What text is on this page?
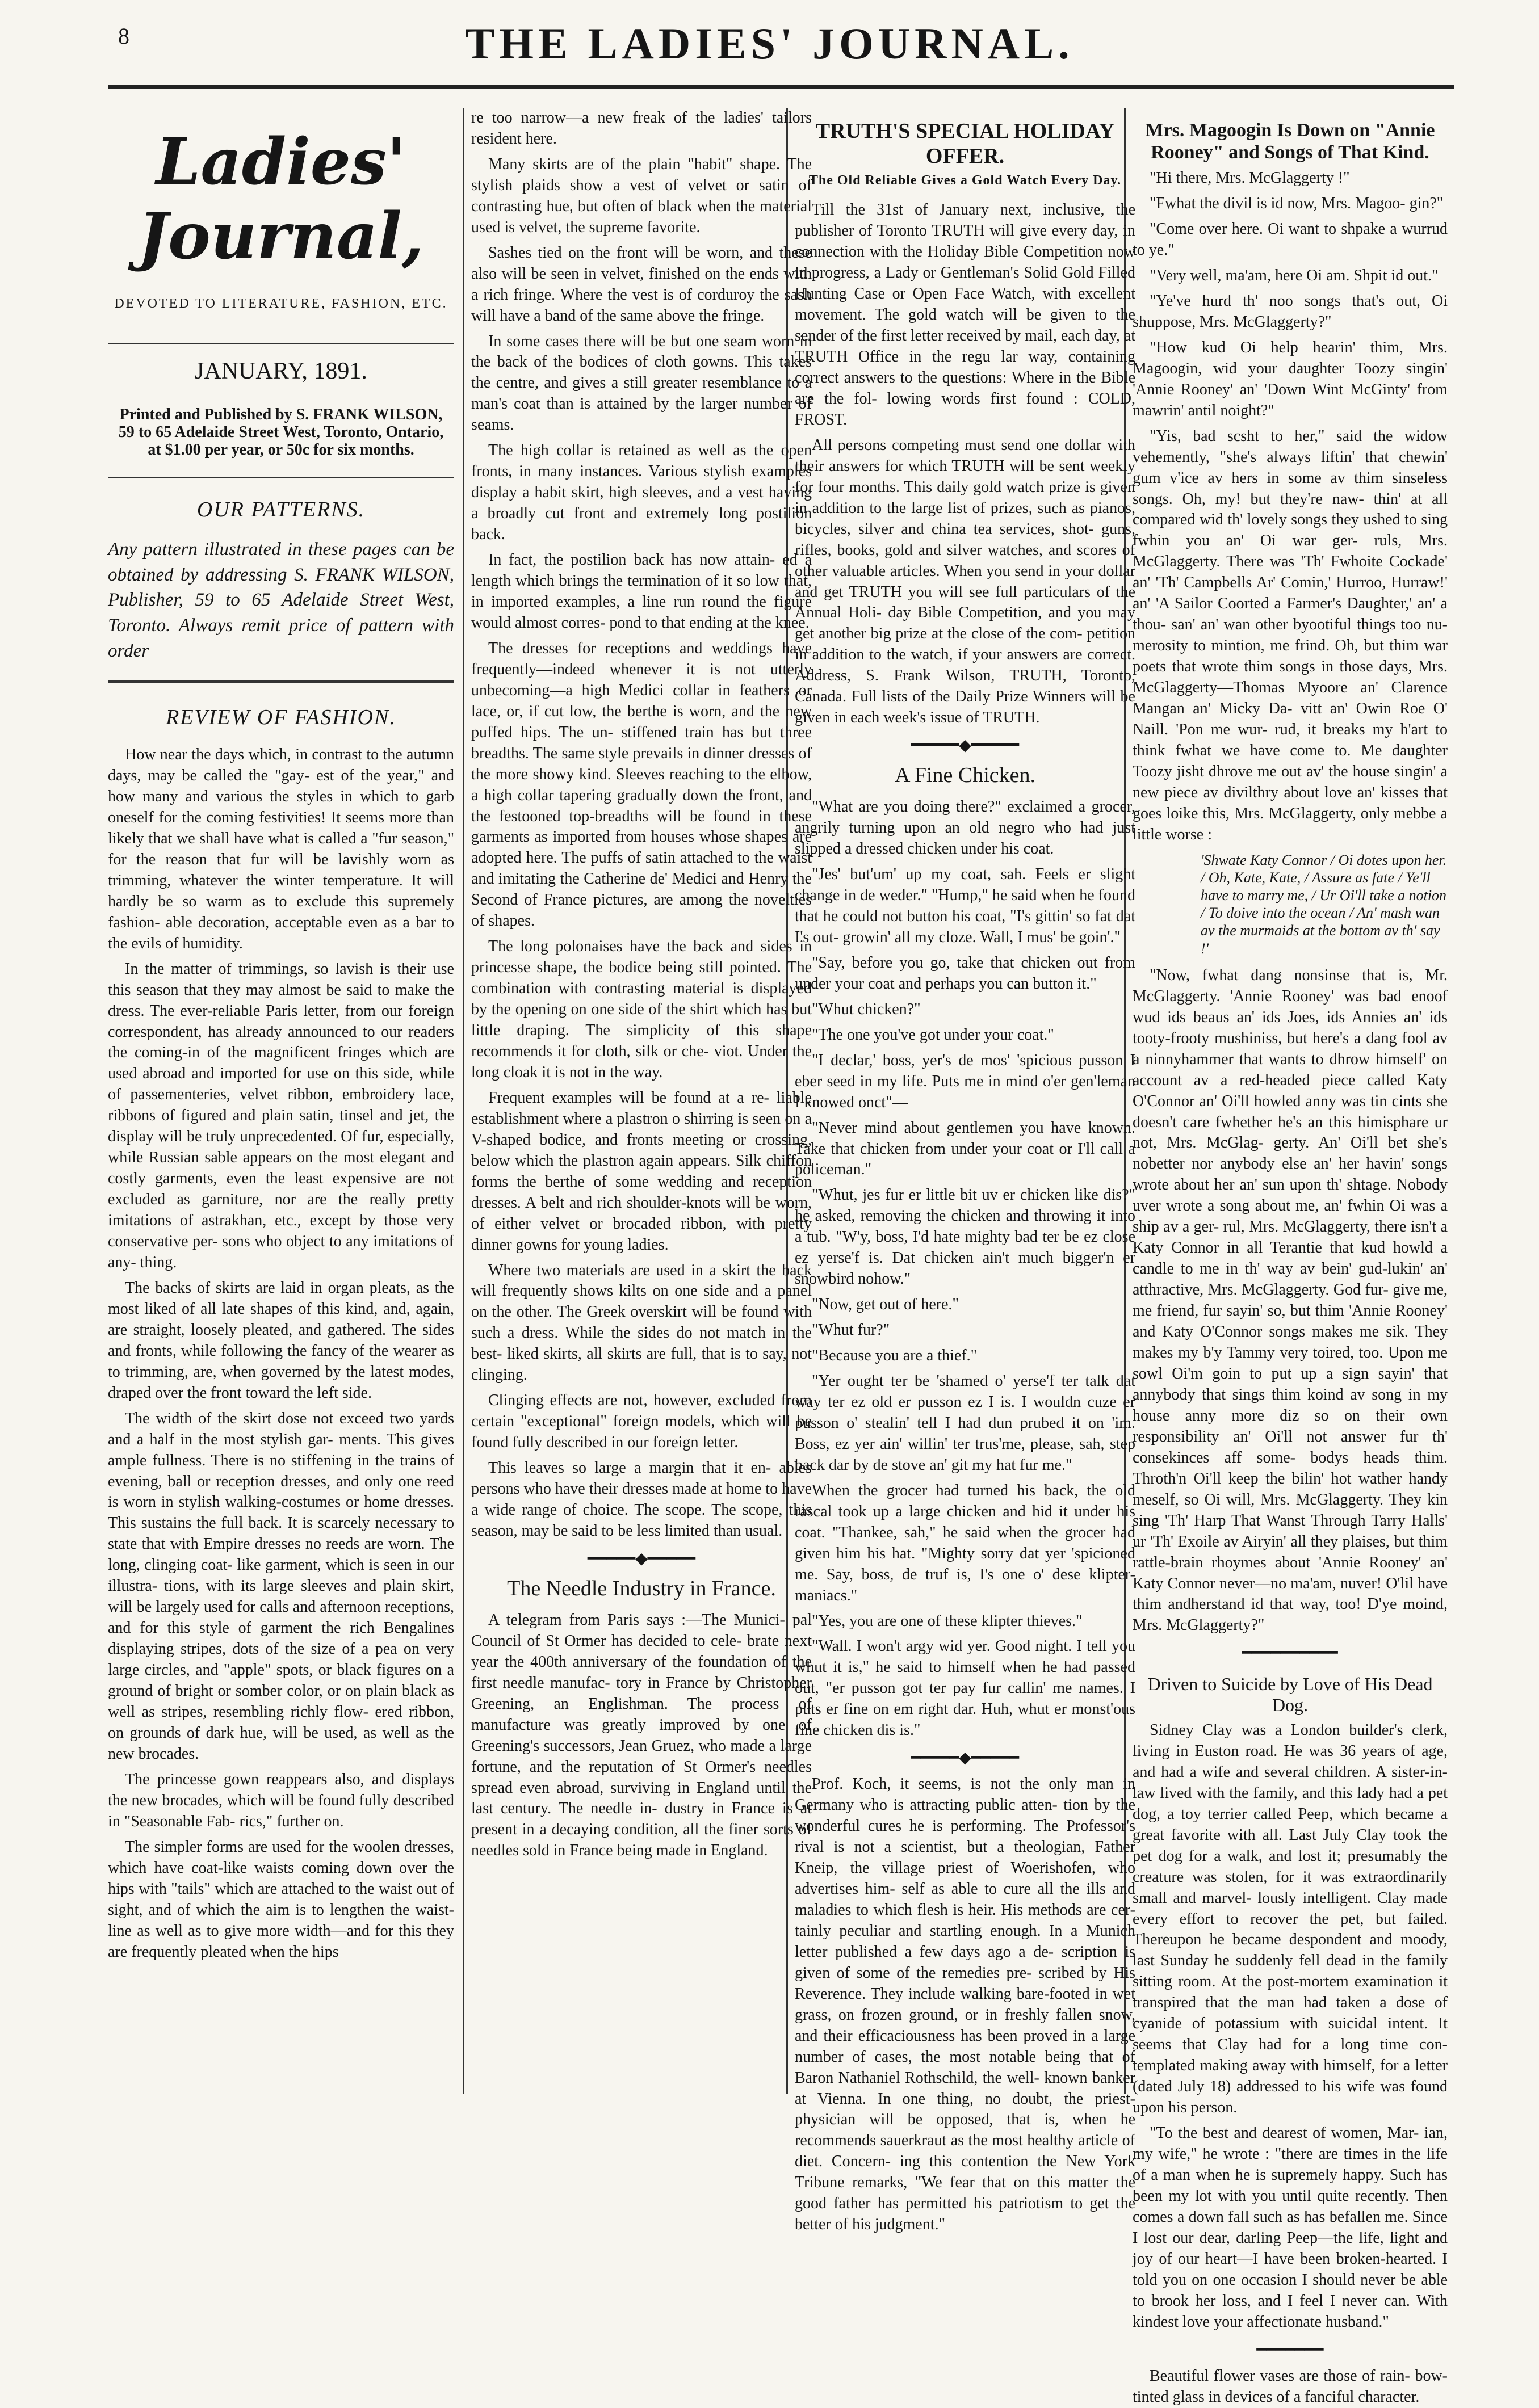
8	THE LADIES' JOURNAL.
Ladies' Journal,
DEVOTED TO LITERATURE, FASHION, ETC.
JANUARY, 1891.
Printed and Published by S. FRANK WILSON, 59 to 65 Adelaide Street West, Toronto, Ontario, at $1.00 per year, or 50c for six months.
OUR PATTERNS.
Any pattern illustrated in these pages can be obtained by addressing S. FRANK WILSON, Publisher, 59 to 65 Adelaide Street West, Toronto. Always remit price of pattern with order
REVIEW OF FASHION.

How near the days which, in contrast to the autumn days, may be called the "gay- est of the year," and how many and various the styles in which to garb oneself for the coming festivities! It seems more than likely that we shall have what is called a "fur season," for the reason that fur will be lavishly worn as trimming, whatever the winter temperature. It will hardly be so warm as to exclude this supremely fashion- able decoration, acceptable even as a bar to the evils of humidity.

In the matter of trimmings, so lavish is their use this season that they may almost be said to make the dress. The ever-reliable Paris letter, from our foreign correspondent, has already announced to our readers the coming-in of the magnificent fringes which are used abroad and imported for use on this side, while of passementeries, velvet ribbon, embroidery lace, ribbons of figured and plain satin, tinsel and jet, the display will be truly unprecedented. Of fur, especially, while Russian sable appears on the most elegant and costly garments, even the least expensive are not excluded as garniture, nor are the really pretty imitations of astrakhan, etc., except by those very conservative per- sons who object to any imitations of any- thing.

The backs of skirts are laid in organ pleats, as the most liked of all late shapes of this kind, and, again, are straight, loosely pleated, and gathered. The sides and fronts, while following the fancy of the wearer as to trimming, are, when governed by the latest modes, draped over the front toward the left side.

The width of the skirt dose not exceed two yards and a half in the most stylish gar- ments. This gives ample fullness. There is no stiffening in the trains of evening, ball or reception dresses, and only one reed is worn in stylish walking-costumes or home dresses. This sustains the full back. It is scarcely necessary to state that with Empire dresses no reeds are worn. The long, clinging coat- like garment, which is seen in our illustra- tions, with its large sleeves and plain skirt, will be largely used for calls and afternoon receptions, and for this style of garment the rich Bengalines displaying stripes, dots of the size of a pea on very large circles, and "apple" spots, or black figures on a ground of bright or somber color, or on plain black as well as stripes, resembling richly flow- ered ribbon, on grounds of dark hue, will be used, as well as the new brocades.

The princesse gown reappears also, and displays the new brocades, which will be found fully described in "Seasonable Fab- rics," further on.

The simpler forms are used for the woolen dresses, which have coat-like waists coming down over the hips with "tails" which are attached to the waist out of sight, and of which the aim is to lengthen the waist-line as well as to give more width—and for this they are frequently pleated when the hips

re too narrow—a new freak of the ladies' tailors resident here.

Many skirts are of the plain "habit" shape. The stylish plaids show a vest of velvet or satin of contrasting hue, but often of black when the material used is velvet, the supreme favorite.

Sashes tied on the front will be worn, and these also will be seen in velvet, finished on the ends with a rich fringe. Where the vest is of corduroy the sash will have a band of the same above the fringe.

In some cases there will be but one seam worn in the back of the bodices of cloth gowns. This takes the centre, and gives a still greater resemblance to a man's coat than is attained by the larger number of seams.

The high collar is retained as well as the open fronts, in many instances. Various stylish examples display a habit skirt, high sleeves, and a vest having a broadly cut front and extremely long postilion back.

In fact, the postilion back has now attain- ed a length which brings the termination of it so low that, in imported examples, a line run round the figure would almost corres- pond to that ending at the knee.

The dresses for receptions and weddings have frequently—indeed whenever it is not utterly unbecoming—a high Medici collar in feathers or lace, or, if cut low, the berthe is worn, and the new puffed hips. The un- stiffened train has but three breadths. The same style prevails in dinner dresses of the more showy kind. Sleeves reaching to the elbow, a high collar tapering gradually down the front, and the festooned top-breadths will be found in these garments as imported from houses whose shapes are adopted here. The puffs of satin attached to the waist and imitating the Catherine de' Medici and Henry the Second of France pictures, are among the novelties of shapes.

The long polonaises have the back and sides in princesse shape, the bodice being still pointed. The combination with contrasting material is displayed by the opening on one side of the shirt which has but little draping. The simplicity of this shape recommends it for cloth, silk or che- viot. Under the long cloak it is not in the way.

Frequent examples will be found at a re- liable establishment where a plastron o shirring is seen on a V-shaped bodice, and fronts meeting or crossing, below which the plastron again appears. Silk chiffon forms the berthe of some wedding and reception dresses. A belt and rich shoulder-knots will be worn, of either velvet or brocaded ribbon, with pretty dinner gowns for young ladies.

Where two materials are used in a skirt the back will frequently shows kilts on one side and a panel on the other. The Greek overskirt will be found with such a dress. While the sides do not match in the best- liked skirts, all skirts are full, that is to say, not clinging.

Clinging effects are not, however, excluded from certain "exceptional" foreign models, which will be found fully described in our foreign letter.

This leaves so large a margin that it en- ables persons who have their dresses made at home to have a wide range of choice. The scope. The scope, this season, may be said to be less limited than usual.

━━━━━◆━━━━━
The Needle Industry in France.

A telegram from Paris says :—The Munici- pal Council of St Ormer has decided to cele- brate next year the 400th anniversary of the foundation of the first needle manufac- tory in France by Christopher Greening, an Englishman. The process of manufacture was greatly improved by one of Greening's successors, Jean Gruez, who made a large fortune, and the reputation of St Ormer's needles spread even abroad, surviving in England until the last century. The needle in- dustry in France is at present in a decaying condition, all the finer sorts of needles sold in France being made in England.

TRUTH'S SPECIAL HOLIDAY OFFER.
The Old Reliable Gives a Gold Watch Every Day.

Till the 31st of January next, inclusive, the publisher of Toronto TRUTH will give every day, in connection with the Holiday Bible Competition now in progress, a Lady or Gentleman's Solid Gold Filled Hunting Case or Open Face Watch, with excellent movement. The gold watch will be given to the sender of the first letter received by mail, each day, at TRUTH Office in the regu lar way, containing correct answers to the questions: Where in the Bible are the fol- lowing words first found : COLD, FROST.

All persons competing must send one dollar with their answers for which TRUTH will be sent weekly for four months. This daily gold watch prize is given in addition to the large list of prizes, such as pianos, bicycles, silver and china tea services, shot- guns, rifles, books, gold and silver watches, and scores of other valuable articles. When you send in your dollar and get TRUTH you will see full particulars of the Annual Holi- day Bible Competition, and you may get another big prize at the close of the com- petition in addition to the watch, if your answers are correct. Address, S. Frank Wilson, TRUTH, Toronto, Canada. Full lists of the Daily Prize Winners will be given in each week's issue of TRUTH.

━━━━━◆━━━━━
A Fine Chicken.

"What are you doing there?" exclaimed a grocer, angrily turning upon an old negro who had just slipped a dressed chicken under his coat.

"Jes' but'um' up my coat, sah. Feels er slight change in de weder." "Hump," he said when he found that he could not button his coat, "I's gittin' so fat dat I's out- growin' all my cloze. Wall, I mus' be goin'."

"Say, before you go, take that chicken out from under your coat and perhaps you can button it."

"Whut chicken?"

"The one you've got under your coat."

"I declar,' boss, yer's de mos' 'spicious pusson I eber seed in my life. Puts me in mind o'er gen'leman I knowed onct"—

"Never mind about gentlemen you have known. Take that chicken from under your coat or I'll call a policeman."

"Whut, jes fur er little bit uv er chicken like dis?" he asked, removing the chicken and throwing it into a tub. "W'y, boss, I'd hate mighty bad ter be ez close ez yerse'f is. Dat chicken ain't much bigger'n er snowbird nohow."

"Now, get out of here."

"Whut fur?"

"Because you are a thief."

"Yer ought ter be 'shamed o' yerse'f ter talk dat way ter ez old er pusson ez I is. I wouldn cuze er pusson o' stealin' tell I had dun prubed it on 'im. Boss, ez yer ain' willin' ter trus'me, please, sah, step back dar by de stove an' git my hat fur me."

When the grocer had turned his back, the old rascal took up a large chicken and hid it under his coat. "Thankee, sah," he said when the grocer had given him his hat. "Mighty sorry dat yer 'spicioned me. Say, boss, de truf is, I's one o' dese klipter- maniacs."

"Yes, you are one of these klipter thieves."

"Wall. I won't argy wid yer. Good night. I tell you whut it is," he said to himself when he had passed out, "er pusson got ter pay fur callin' me names. I puts er fine on em right dar. Huh, whut er monst'ous fine chicken dis is."

━━━━━◆━━━━━

Prof. Koch, it seems, is not the only man in Germany who is attracting public atten- tion by the wonderful cures he is performing. The Professor's rival is not a scientist, but a theologian, Father Kneip, the village priest of Woerishofen, who advertises him- self as able to cure all the ills and maladies to which flesh is heir. His methods are cer- tainly peculiar and startling enough. In a Munich letter published a few days ago a de- scription is given of some of the remedies pre- scribed by His Reverence. They include walking bare-footed in wet grass, on frozen ground, or in freshly fallen snow, and their efficaciousness has been proved in a large number of cases, the most notable being that of Baron Nathaniel Rothschild, the well- known banker at Vienna. In one thing, no doubt, the priest-physician will be opposed, that is, when he recommends sauerkraut as the most healthy article of diet. Concern- ing this contention the New York Tribune remarks, "We fear that on this matter the good father has permitted his patriotism to get the better of his judgment."

Mrs. Magoogin Is Down on "Annie Rooney" and Songs of That Kind.

"Hi there, Mrs. McGlaggerty !"

"Fwhat the divil is id now, Mrs. Magoo- gin?"

"Come over here. Oi want to shpake a wurrud to ye."

"Very well, ma'am, here Oi am. Shpit id out."

"Ye've hurd th' noo songs that's out, Oi shuppose, Mrs. McGlaggerty?"

"How kud Oi help hearin' thim, Mrs. Magoogin, wid your daughter Toozy singin' 'Annie Rooney' an' 'Down Wint McGinty' from mawrin' antil noight?"

"Yis, bad scsht to her," said the widow vehemently, "she's always liftin' that chewin' gum v'ice av hers in some av thim sinseless songs. Oh, my! but they're naw- thin' at all compared wid th' lovely songs they ushed to sing fwhin you an' Oi war ger- ruls, Mrs. McGlaggerty. There was 'Th' Fwhoite Cockade' an' 'Th' Campbells Ar' Comin,' Hurroo, Hurraw!' an' 'A Sailor Coorted a Farmer's Daughter,' an' a thou- san' an' wan other byootiful things too nu- merosity to mintion, me frind. Oh, but thim war poets that wrote thim songs in those days, Mrs. McGlaggerty—Thomas Myoore an' Clarence Mangan an' Micky Da- vitt an' Owin Roe O' Naill. 'Pon me wur- rud, it breaks my h'art to think fwhat we have come to. Me daughter Toozy jisht dhrove me out av' the house singin' a new piece av divilthry about love an' kisses that goes loike this, Mrs. McGlaggerty, only mebbe a little worse :

'Shwate Katy Connor / Oi dotes upon her. / Oh, Kate, Kate, / Assure as fate / Ye'll have to marry me, / Ur Oi'll take a notion / To doive into the ocean / An' mash wan av the murmaids at the bottom av th' say !'

"Now, fwhat dang nonsinse that is, Mr. McGlaggerty. 'Annie Rooney' was bad enoof wud ids beaus an' ids Joes, ids Annies an' ids tooty-frooty mushiniss, but here's a dang fool av a ninnyhammer that wants to dhrow himself' on account av a red-headed piece called Katy O'Connor an' Oi'll howled anny was tin cints she doesn't care fwhether he's an this himisphare ur not, Mrs. McGlag- gerty. An' Oi'll bet she's nobetter nor anybody else an' her havin' songs wrote about her an' sun upon th' shtage. Nobody uver wrote a song about me, an' fwhin Oi was a ship av a ger- rul, Mrs. McGlaggerty, there isn't a Katy Connor in all Terantie that kud howld a candle to me in th' way av bein' gud-lukin' an' atthractive, Mrs. McGlaggerty. God fur- give me, me friend, fur sayin' so, but thim 'Annie Rooney' and Katy O'Connor songs makes me sik. They makes my b'y Tammy very toired, too. Upon me sowl Oi'm goin to put up a sign sayin' that annybody that sings thim koind av song in my house anny more diz so on their own responsibility an' Oi'll not answer fur th' consekinces aff some- bodys heads thim. Throth'n Oi'll keep the bilin' hot wather handy meself, so Oi will, Mrs. McGlaggerty. They kin sing 'Th' Harp That Wanst Through Tarry Halls' ur 'Th' Exoile av Airyin' all they plaises, but thim rattle-brain rhoymes about 'Annie Rooney' an' Katy Connor never—no ma'am, nuver! O'lil have thim andherstand id that way, too! D'ye moind, Mrs. McGlaggerty?"

━━━━━━━━━━
Driven to Suicide by Love of His Dead Dog.

Sidney Clay was a London builder's clerk, living in Euston road. He was 36 years of age, and had a wife and several children. A sister-in-law lived with the family, and this lady had a pet dog, a toy terrier called Peep, which became a great favorite with all. Last July Clay took the pet dog for a walk, and lost it; presumably the creature was stolen, for it was extraordinarily small and marvel- lously intelligent. Clay made every effort to recover the pet, but failed. Thereupon he became despondent and moody, last Sunday he suddenly fell dead in the family sitting room. At the post-mortem examination it transpired that the man had taken a dose of cyanide of potassium with suicidal intent. It seems that Clay had for a long time con- templated making away with himself, for a letter (dated July 18) addressed to his wife was found upon his person.

"To the best and dearest of women, Mar- ian, my wife," he wrote : "there are times in the life of a man when he is supremely happy. Such has been my lot with you until quite recently. Then comes a down fall such as has befallen me. Since I lost our dear, darling Peep—the life, light and joy of our heart—I have been broken-hearted. I told you on one occasion I should never be able to brook her loss, and I feel I never can. With kindest love your affectionate husband."

━━━━━━━

Beautiful flower vases are those of rain- bow-tinted glass in devices of a fanciful character.
